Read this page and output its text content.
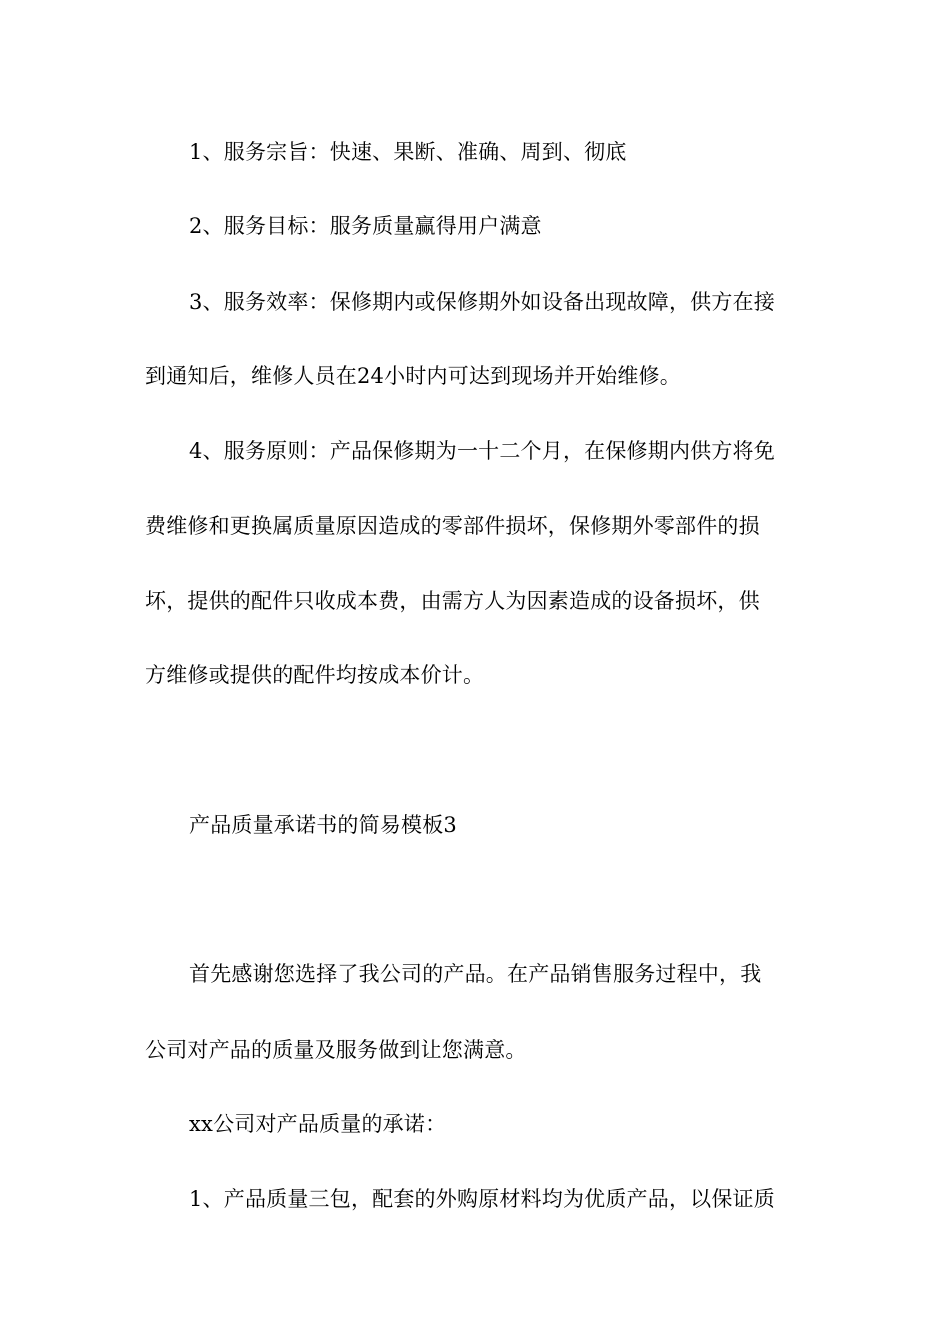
1、服务宗旨：快速、果断、准确、周到、彻底
2、服务目标：服务质量赢得用户满意
3、服务效率：保修期内或保修期外如设备出现故障，供方在接
到通知后，维修人员在24小时内可达到现场并开始维修。
4、服务原则：产品保修期为一十二个月，在保修期内供方将免
费维修和更换属质量原因造成的零部件损坏，保修期外零部件的损
坏，提供的配件只收成本费，由需方人为因素造成的设备损坏，供
方维修或提供的配件均按成本价计。
产品质量承诺书的简易模板3
首先感谢您选择了我公司的产品。在产品销售服务过程中，我
公司对产品的质量及服务做到让您满意。
xx公司对产品质量的承诺：
1、产品质量三包，配套的外购原材料均为优质产品，以保证质
